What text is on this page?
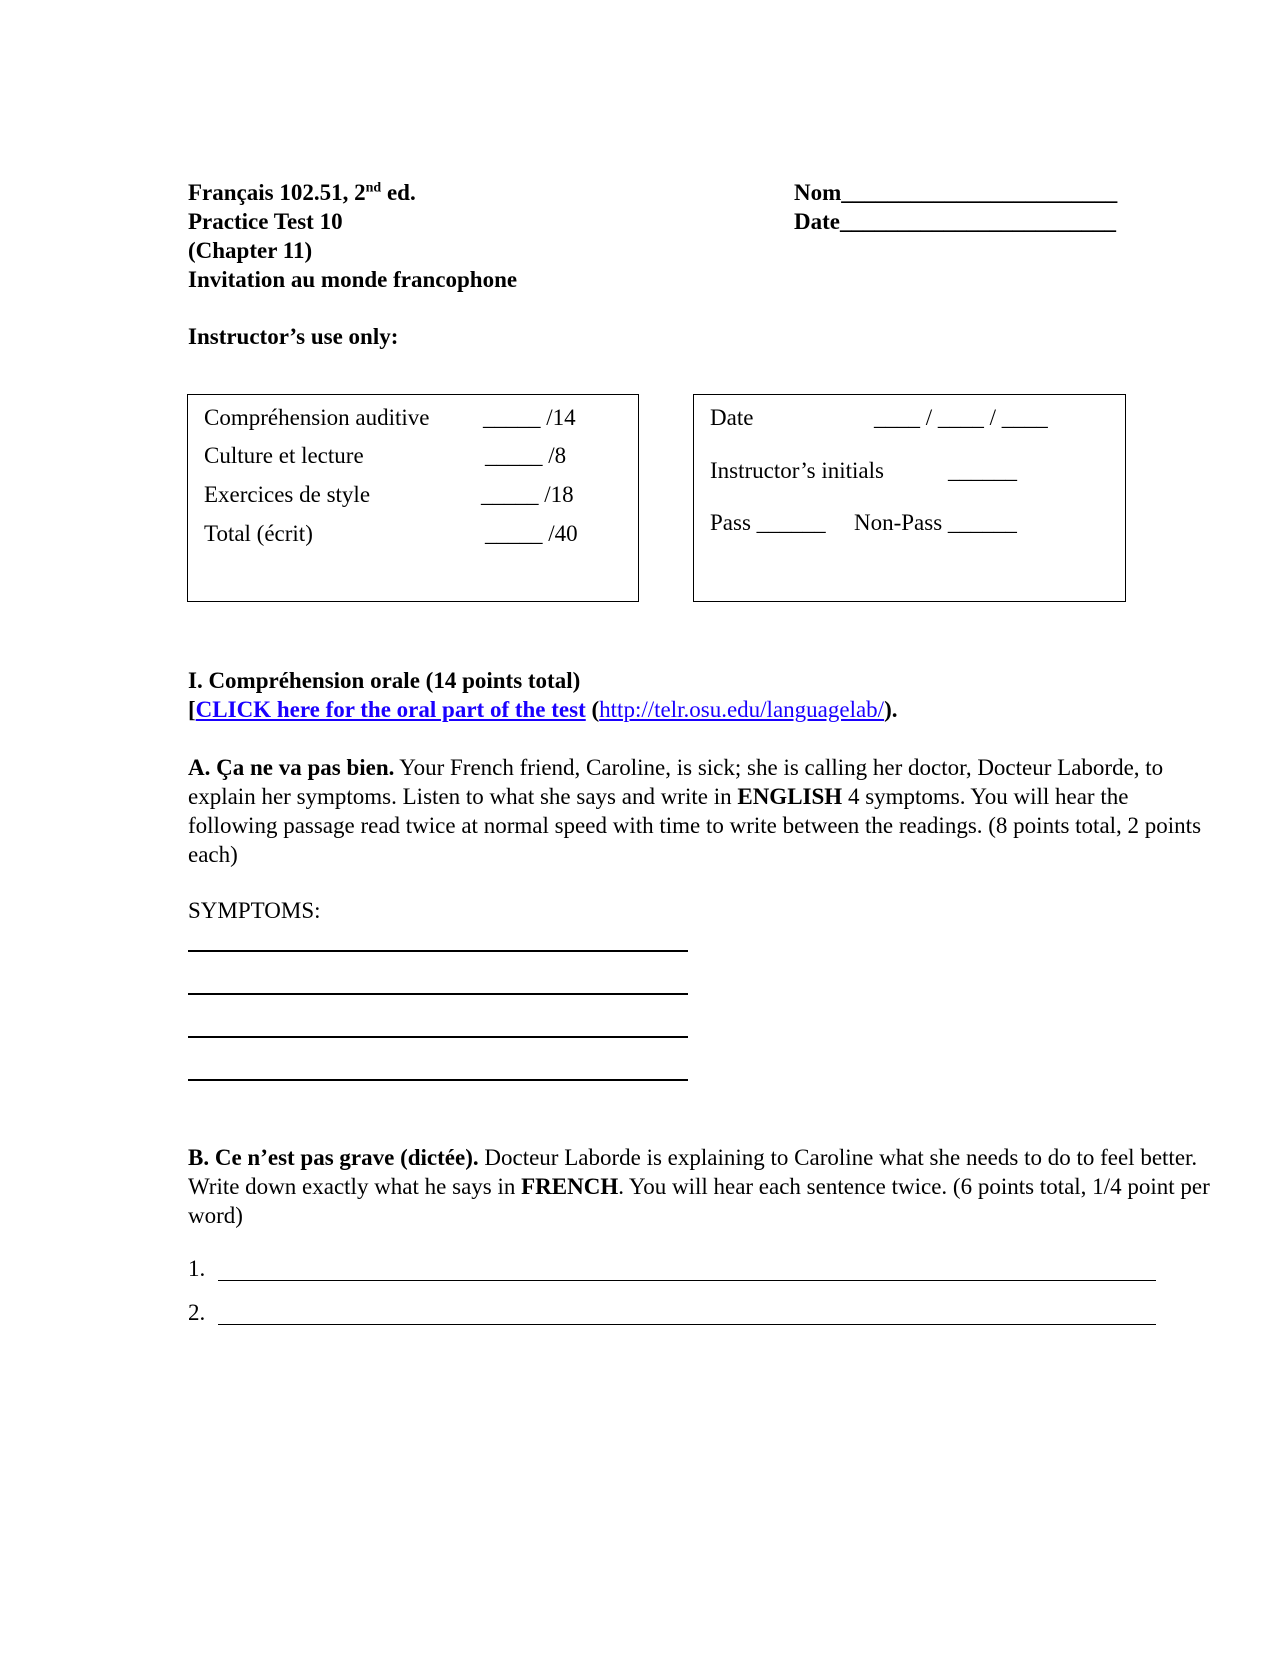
Français 102.51, 2nd ed.
Practice Test 10
(Chapter 11)
Invitation au monde francophone
Nom________________________
Date________________________
Instructor’s use only:
Compréhension auditive _____ /14
Culture et lecture	_____ /8
Exercices de style	_____ /18
Total (écrit)	_____ /40
Date	____ / ____ / ____
Instructor’s initials	______
Pass ______ Non-Pass ______
I. Compréhension orale (14 points total)
[CLICK here for the oral part of the test (http://telr.osu.edu/languagelab/).
A. Ça ne va pas bien. Your French friend, Caroline, is sick; she is calling her doctor, Docteur Laborde, to explain her symptoms. Listen to what she says and write in ENGLISH 4 symptoms. You will hear the following passage read twice at normal speed with time to write between the readings. (8 points total, 2 points each)
SYMPTOMS:
B. Ce n’est pas grave (dictée). Docteur Laborde is explaining to Caroline what she needs to do to feel better. Write down exactly what he says in FRENCH. You will hear each sentence twice. (6 points total, 1/4 point per word)
1.
2.
